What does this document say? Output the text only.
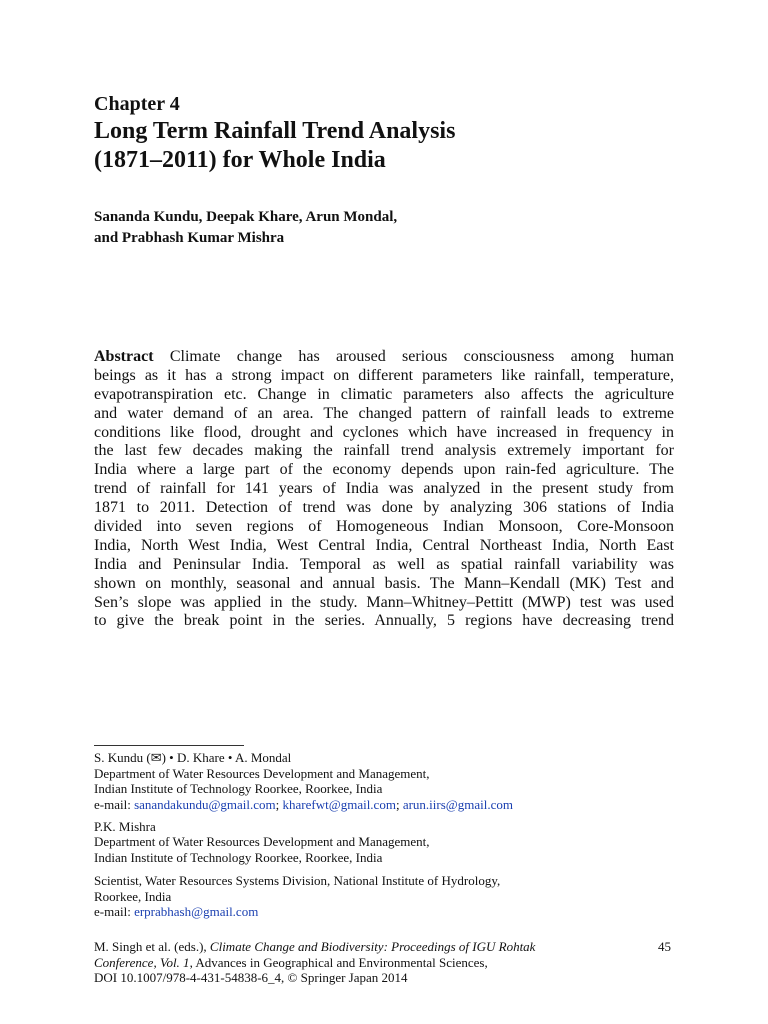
Chapter 4
Long Term Rainfall Trend Analysis
(1871–2011) for Whole India
Sananda Kundu, Deepak Khare, Arun Mondal,
and Prabhash Kumar Mishra
Abstract Climate change has aroused serious consciousness among human
beings as it has a strong impact on different parameters like rainfall, temperature,
evapotranspiration etc. Change in climatic parameters also affects the agriculture
and water demand of an area. The changed pattern of rainfall leads to extreme
conditions like flood, drought and cyclones which have increased in frequency in
the last few decades making the rainfall trend analysis extremely important for
India where a large part of the economy depends upon rain-fed agriculture. The
trend of rainfall for 141 years of India was analyzed in the present study from
1871 to 2011. Detection of trend was done by analyzing 306 stations of India
divided into seven regions of Homogeneous Indian Monsoon, Core-Monsoon
India, North West India, West Central India, Central Northeast India, North East
India and Peninsular India. Temporal as well as spatial rainfall variability was
shown on monthly, seasonal and annual basis. The Mann–Kendall (MK) Test and
Sen’s slope was applied in the study. Mann–Whitney–Pettitt (MWP) test was used
to give the break point in the series. Annually, 5 regions have decreasing trend
S. Kundu (✉) • D. Khare • A. Mondal
Department of Water Resources Development and Management,
Indian Institute of Technology Roorkee, Roorkee, India
e-mail: sanandakundu@gmail.com; kharefwt@gmail.com; arun.iirs@gmail.com
P.K. Mishra
Department of Water Resources Development and Management,
Indian Institute of Technology Roorkee, Roorkee, India
Scientist, Water Resources Systems Division, National Institute of Hydrology,
Roorkee, India
e-mail: erprabhash@gmail.com
M. Singh et al. (eds.), Climate Change and Biodiversity: Proceedings of IGU Rohtak
Conference, Vol. 1, Advances in Geographical and Environmental Sciences,
DOI 10.1007/978-4-431-54838-6_4, © Springer Japan 2014
45
